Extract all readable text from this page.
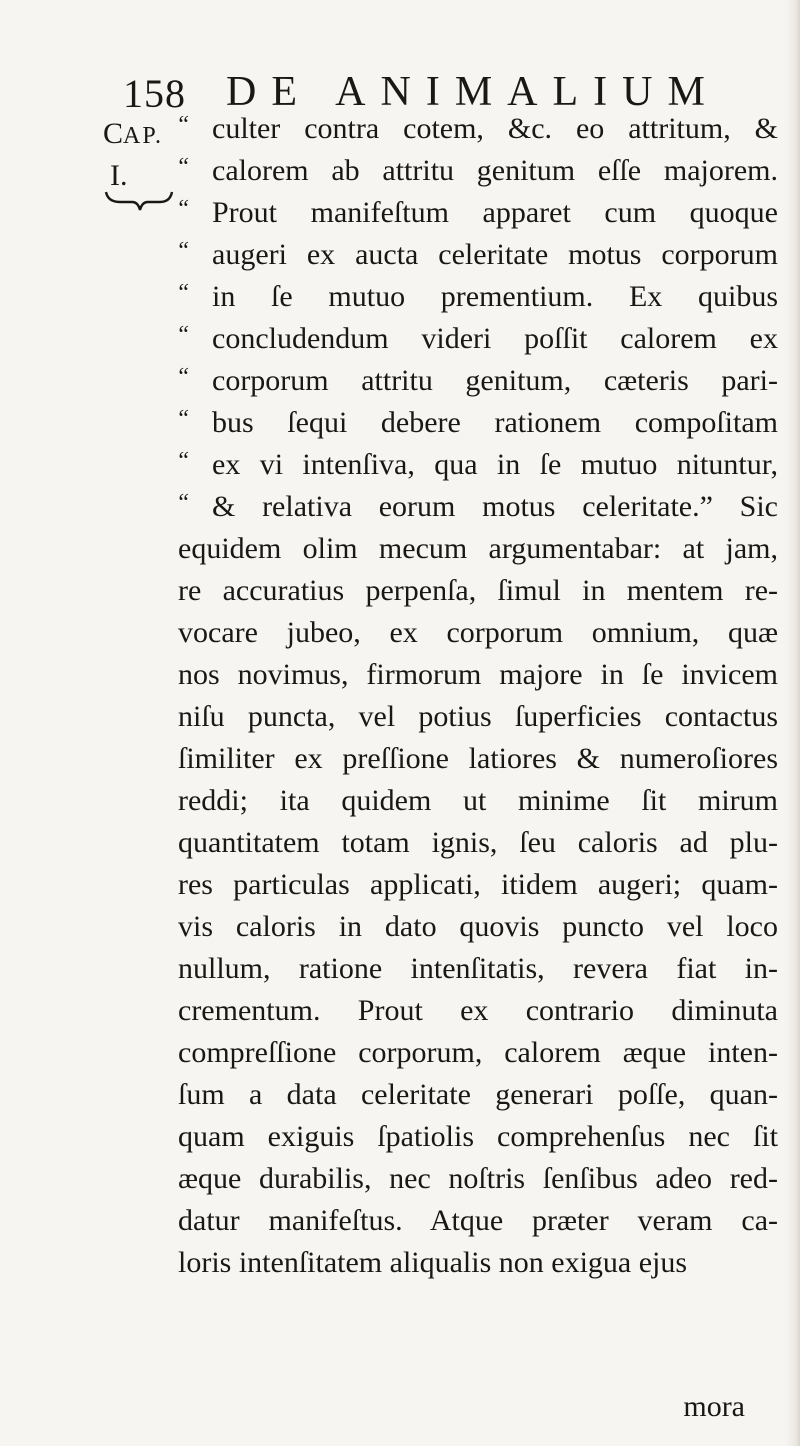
158 DE ANIMALIUM
CAP.
I.
“ culter contra cotem, &c. eo attritum, &
“ calorem ab attritu genitum eſſe majorem.
“ Prout manifeſtum apparet cum quoque
“ augeri ex aucta celeritate motus corporum
“ in ſe mutuo prementium. Ex quibus
“ concludendum videri poſſit calorem ex
“ corporum attritu genitum, cæteris pari-
“ bus ſequi debere rationem compoſitam
“ ex vi intenſiva, qua in ſe mutuo nituntur,
“ & relativa eorum motus celeritate.” Sic
equidem olim mecum argumentabar: at jam,
re accuratius perpenſa, ſimul in mentem re-
vocare jubeo, ex corporum omnium, quæ
nos novimus, firmorum majore in ſe invicem
niſu puncta, vel potius ſuperficies contactus
ſimiliter ex preſſione latiores & numeroſiores
reddi; ita quidem ut minime ſit mirum
quantitatem totam ignis, ſeu caloris ad plu-
res particulas applicati, itidem augeri; quam-
vis caloris in dato quovis puncto vel loco
nullum, ratione intenſitatis, revera fiat in-
crementum. Prout ex contrario diminuta
compreſſione corporum, calorem æque inten-
ſum a data celeritate generari poſſe, quan-
quam exiguis ſpatiolis comprehenſus nec ſit
æque durabilis, nec noſtris ſenſibus adeo red-
datur manifeſtus. Atque præter veram ca-
loris intenſitatem aliqualis non exigua ejus
mora
